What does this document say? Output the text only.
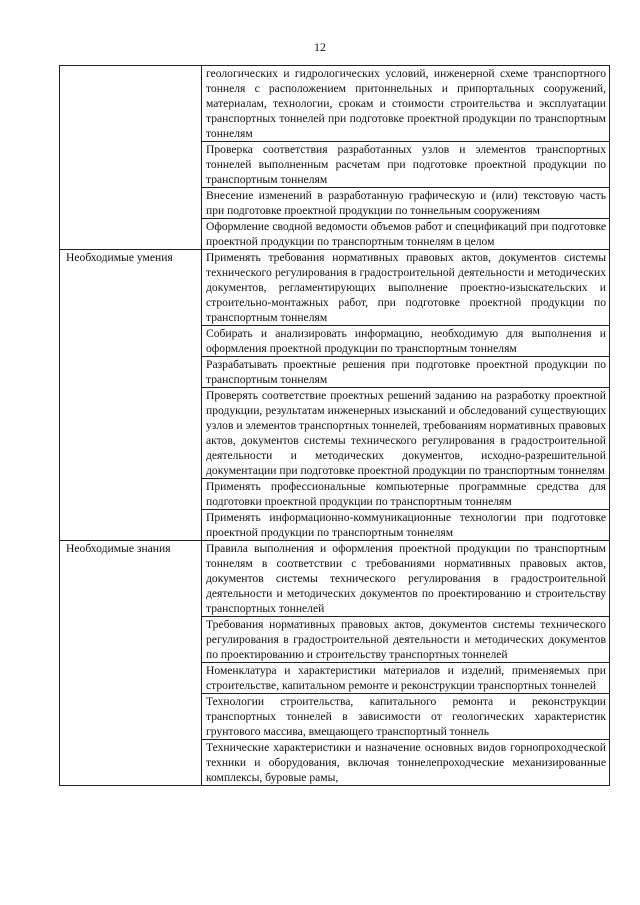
12

	геологических и гидрологических условий, инженерной схеме транспортного тоннеля с расположением притоннельных и припортальных сооружений, материалам, технологии, срокам и стоимости строительства и эксплуатации транспортных тоннелей при подготовке проектной продукции по транспортным тоннелям

	Проверка соответствия разработанных узлов и элементов транспортных тоннелей выполненным расчетам при подготовке проектной продукции по транспортным тоннелям

	Внесение изменений в разработанную графическую и (или) текстовую часть при подготовке проектной продукции по тоннельным сооружениям

	Оформление сводной ведомости объемов работ и спецификаций при подготовке проектной продукции по транспортным тоннелям в целом

Необходимые умения	Применять требования нормативных правовых актов, документов системы технического регулирования в градостроительной деятельности и методических документов, регламентирующих выполнение проектно-изыскательских и строительно-монтажных работ, при подготовке проектной продукции по транспортным тоннелям

	Собирать и анализировать информацию, необходимую для выполнения и оформления проектной продукции по транспортным тоннелям

	Разрабатывать проектные решения при подготовке проектной продукции по транспортным тоннелям

	Проверять соответствие проектных решений заданию на разработку проектной продукции, результатам инженерных изысканий и обследований существующих узлов и элементов транспортных тоннелей, требованиям нормативных правовых актов, документов системы технического регулирования в градостроительной деятельности и методических документов, исходно-разрешительной документации при подготовке проектной продукции по транспортным тоннелям

	Применять профессиональные компьютерные программные средства для подготовки проектной продукции по транспортным тоннелям

	Применять информационно-коммуникационные технологии при подготовке проектной продукции по транспортным тоннелям

Необходимые знания	Правила выполнения и оформления проектной продукции по транспортным тоннелям в соответствии с требованиями нормативных правовых актов, документов системы технического регулирования в градостроительной деятельности и методических документов по проектированию и строительству транспортных тоннелей

	Требования нормативных правовых актов, документов системы технического регулирования в градостроительной деятельности и методических документов по проектированию и строительству транспортных тоннелей

	Номенклатура и характеристики материалов и изделий, применяемых при строительстве, капитальном ремонте и реконструкции транспортных тоннелей

	Технологии строительства, капитального ремонта и реконструкции транспортных тоннелей в зависимости от геологических характеристик грунтового массива, вмещающего транспортный тоннель

	Технические характеристики и назначение основных видов горнопроходческой техники и оборудования, включая тоннелепроходческие механизированные комплексы, буровые рамы,
